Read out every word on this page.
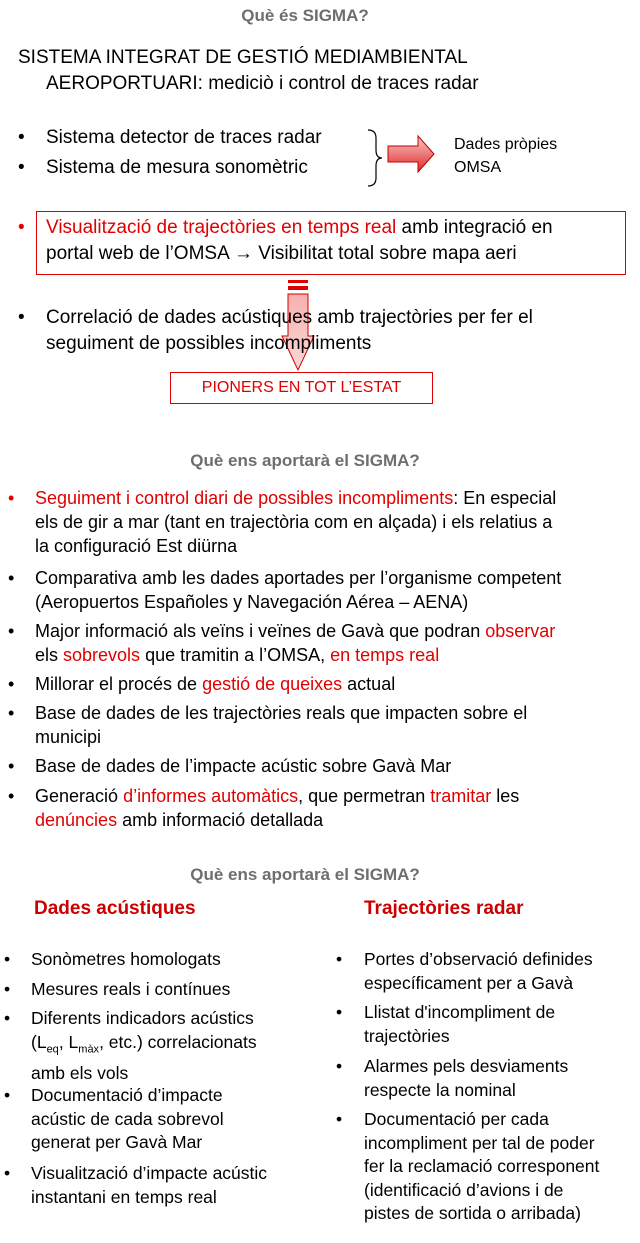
Què és SIGMA?
SISTEMA INTEGRAT DE GESTIÓ MEDIAMBIENTAL
AEROPORTUARI: mediciò i control de traces radar
• Sistema detector de traces radar
• Sistema de mesura sonomètric
Dades pròpies
OMSA
• Visualització de trajectòries en temps real amb integració en
portal web de l’OMSA → Visibilitat total sobre mapa aeri
• Correlació de dades acústiques amb trajectòries per fer el
seguiment de possibles incompliments
PIONERS EN TOT L’ESTAT
Què ens aportarà el SIGMA?
• Seguiment i control diari de possibles incompliments: En especial
els de gir a mar (tant en trajectòria com en alçada) i els relatius a
la configuració Est diürna
• Comparativa amb les dades aportades per l’organisme competent
(Aeropuertos Españoles y Navegación Aérea – AENA)
• Major informació als veïns i veïnes de Gavà que podran observar
els sobrevols que tramitin a l’OMSA, en temps real
• Millorar el procés de gestió de queixes actual
• Base de dades de les trajectòries reals que impacten sobre el
municipi
• Base de dades de l’impacte acústic sobre Gavà Mar
• Generació d’informes automàtics, que permetran tramitar les
denúncies amb informació detallada
Què ens aportarà el SIGMA?
Dades acústiques	Trajectòries radar
• Sonòmetres homologats
• Mesures reals i contínues
• Diferents indicadors acústics
($L_{eq}$, $L_{màx}$, etc.) correlacionats
amb els vols
• Documentació d’impacte
acústic de cada sobrevol
generat per Gavà Mar
• Visualització d’impacte acústic
instantani en temps real
• Portes d’observació definides
específicament per a Gavà
• Llistat d'incompliment de
trajectòries
• Alarmes pels desviaments
respecte la nominal
• Documentació per cada
incompliment per tal de poder
fer la reclamació corresponent
(identificació d’avions i de
pistes de sortida o arribada)
